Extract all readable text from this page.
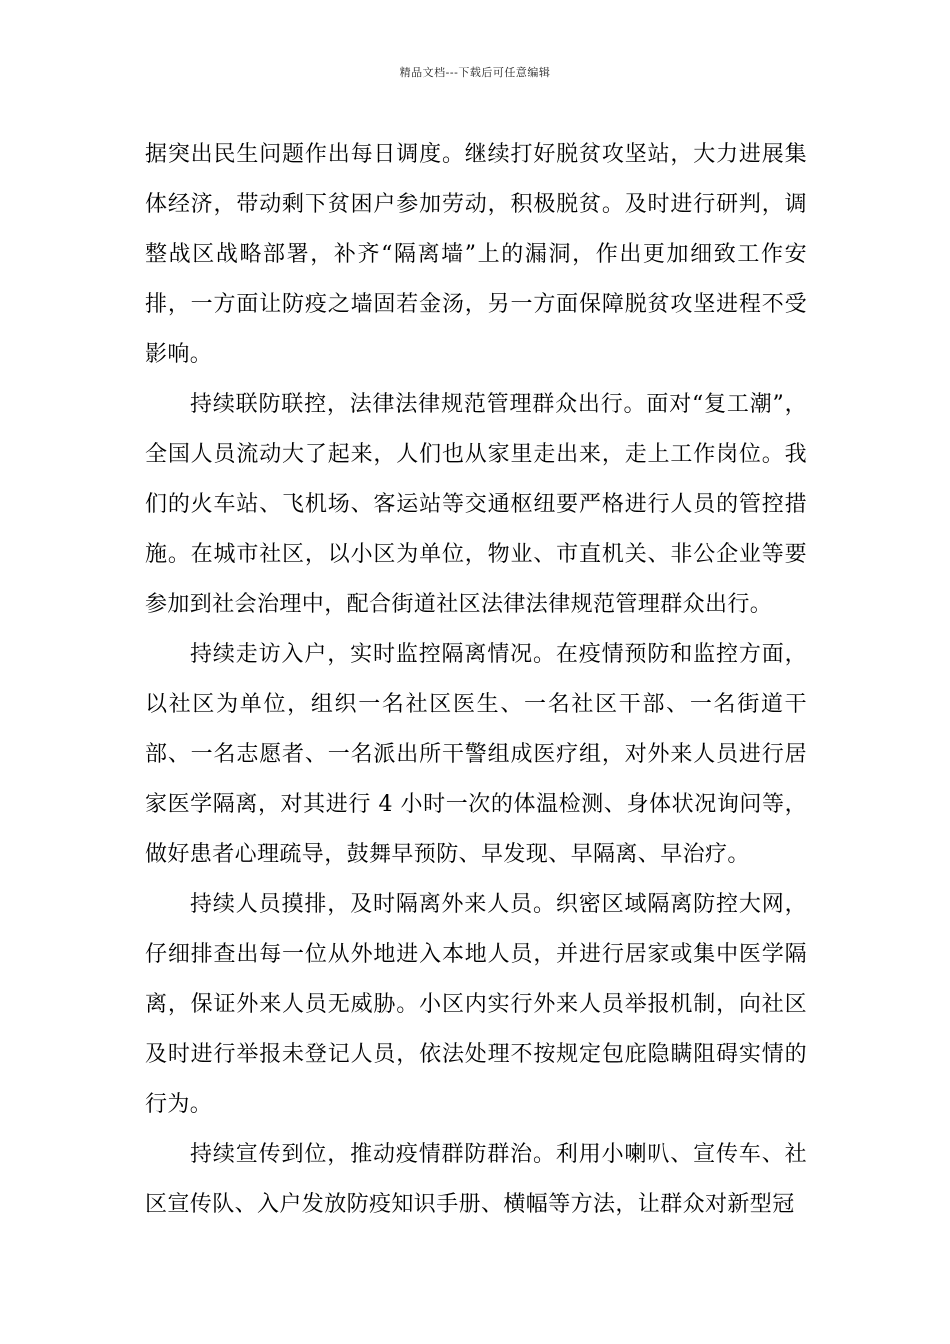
精品文档---下载后可任意编辑

据突出民生问题作出每日调度。继续打好脱贫攻坚站，大力进展集体经济，带动剩下贫困户参加劳动，积极脱贫。及时进行研判，调整战区战略部署，补齐“隔离墙”上的漏洞，作出更加细致工作安排，一方面让防疫之墙固若金汤，另一方面保障脱贫攻坚进程不受影响。

持续联防联控，法律法律规范管理群众出行。面对“复工潮”，全国人员流动大了起来，人们也从家里走出来，走上工作岗位。我们的火车站、飞机场、客运站等交通枢纽要严格进行人员的管控措施。在城市社区，以小区为单位，物业、市直机关、非公企业等要参加到社会治理中，配合街道社区法律法律规范管理群众出行。

持续走访入户，实时监控隔离情况。在疫情预防和监控方面，以社区为单位，组织一名社区医生、一名社区干部、一名街道干部、一名志愿者、一名派出所干警组成医疗组，对外来人员进行居家医学隔离，对其进行 4 小时一次的体温检测、身体状况询问等，做好患者心理疏导，鼓舞早预防、早发现、早隔离、早治疗。

持续人员摸排，及时隔离外来人员。织密区域隔离防控大网，仔细排查出每一位从外地进入本地人员，并进行居家或集中医学隔离，保证外来人员无威胁。小区内实行外来人员举报机制，向社区及时进行举报未登记人员，依法处理不按规定包庇隐瞒阻碍实情的行为。

持续宣传到位，推动疫情群防群治。利用小喇叭、宣传车、社区宣传队、入户发放防疫知识手册、横幅等方法，让群众对新型冠
